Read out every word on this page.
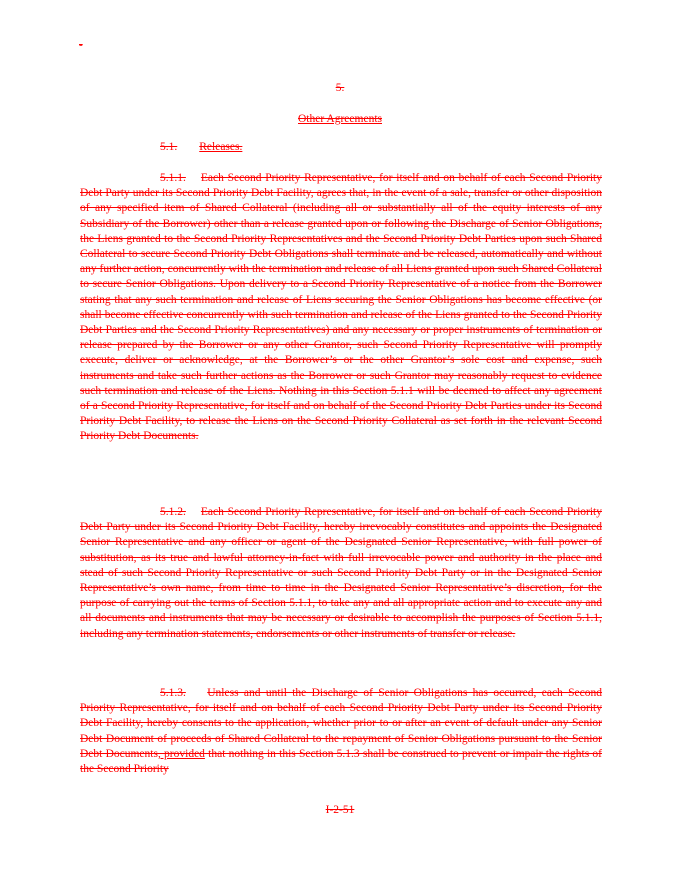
-
5.
Other Agreements
5.1. Releases.
5.1.1. Each Second Priority Representative, for itself and on behalf of each Second Priority Debt Party under its Second Priority Debt Facility, agrees that, in the event of a sale, transfer or other disposition of any specified item of Shared Collateral (including all or substantially all of the equity interests of any Subsidiary of the Borrower) other than a release granted upon or following the Discharge of Senior Obligations, the Liens granted to the Second Priority Representatives and the Second Priority Debt Parties upon such Shared Collateral to secure Second Priority Debt Obligations shall terminate and be released, automatically and without any further action, concurrently with the termination and release of all Liens granted upon such Shared Collateral to secure Senior Obligations. Upon delivery to a Second Priority Representative of a notice from the Borrower stating that any such termination and release of Liens securing the Senior Obligations has become effective (or shall become effective concurrently with such termination and release of the Liens granted to the Second Priority Debt Parties and the Second Priority Representatives) and any necessary or proper instruments of termination or release prepared by the Borrower or any other Grantor, such Second Priority Representative will promptly execute, deliver or acknowledge, at the Borrower’s or the other Grantor’s sole cost and expense, such instruments and take such further actions as the Borrower or such Grantor may reasonably request to evidence such termination and release of the Liens. Nothing in this Section 5.1.1 will be deemed to affect any agreement of a Second Priority Representative, for itself and on behalf of the Second Priority Debt Parties under its Second Priority Debt Facility, to release the Liens on the Second Priority Collateral as set forth in the relevant Second Priority Debt Documents.
5.1.2. Each Second Priority Representative, for itself and on behalf of each Second Priority Debt Party under its Second Priority Debt Facility, hereby irrevocably constitutes and appoints the Designated Senior Representative and any officer or agent of the Designated Senior Representative, with full power of substitution, as its true and lawful attorney-in-fact with full irrevocable power and authority in the place and stead of such Second Priority Representative or such Second Priority Debt Party or in the Designated Senior Representative’s own name, from time to time in the Designated Senior Representative’s discretion, for the purpose of carrying out the terms of Section 5.1.1, to take any and all appropriate action and to execute any and all documents and instruments that may be necessary or desirable to accomplish the purposes of Section 5.1.1, including any termination statements, endorsements or other instruments of transfer or release.
5.1.3. Unless and until the Discharge of Senior Obligations has occurred, each Second Priority Representative, for itself and on behalf of each Second Priority Debt Party under its Second Priority Debt Facility, hereby consents to the application, whether prior to or after an event of default under any Senior Debt Document of proceeds of Shared Collateral to the repayment of Senior Obligations pursuant to the Senior Debt Documents, provided that nothing in this Section 5.1.3 shall be construed to prevent or impair the rights of the Second Priority
I-2-51
